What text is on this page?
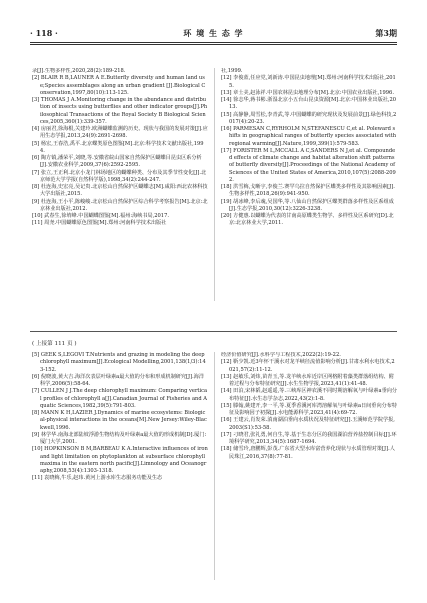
· 118 ·	环 境 生 态 学	第3期

录[J].生物多样性,2020,28(2):189-218.

[2] BLAIR R B,LAUNER A E.Butterfly diversity and human land use;Species assemblages along an urban gradient [J].Biological Conservation,1997,80(10):113-125.

[3] THOMAS J A.Monitoring change in the abundance and distribution of insects using butterflies and other indicator groups[J].Philosophical Transactions of the Royal Society B Biological Sciences,2005,360(1):339-357.

[4] 房丽君,徐海根,关建玲.欧洲蝴蝶监测的历史、现状与我国的发展对策[J].应用生态学报,2013,24(9):2691-2698.

[5] 杨宏,王春浩,禹平.北京蝶类原色图鉴[M].北京:科学技术文献出版社,1994.

[6] 陶方镇,潘荣平,刘晓,等.安徽省皖山国家自然保护区蝴蝶目昆虫区系分析[J].安徽农业科学,2009,37(6):2592-2595.

[7] 张立,王正利.北京小龙门林场地区的蝴蝶种类、分布及其季节性变化[J].北京师范大学学报(自然科学版),1998,34(2):244-247.

[8] 杜连海,史宏亮,吴记贵.北京松山自然保护区蝴蝶志[M].咸阳:西北农林科技大学出版社,2015.

[9] 杜连海,王小平,陈峻峻.北京松山自然保护区综合科学考察报告[M].北京:北京林业出版社,2012.

[10] 武春生,徐堉峰.中国蝴蝶图鉴[M].福州:海峡书局,2017.

[11] 周尧.中国蝴蝶原色图鉴[M].郑州:河南科学技术出版社

社,1999.

[12] 李俊蓝,任应党,刘新涛.中国昆虫地理[M].郑州:河南科学技术出版社,2015.

[13] 章士美,赵泳祥.中国农林昆虫地理分布[M].北京:中国农业出版社,1996.

[14] 徐志华,蒋书彬.浙湿北京小五台山昆虫资源[M].北京:中国林业出版社,2013.

[15] 高静静,周雪松,李青武,等.中国蝴蝶的研究现状及发展前景[J].绿色科技,2017(4):20-23.

[16] PARMESAN C,RYRHOLM N,STEFANESCU C,et al. Poleward shifts in geographical ranges of butterfly species associated with regional warming[J].Nature,1999,399(1):579-583.

[17] FORISTER M L,MCCALL A C,SANDERS N J,et al. Compounded effects of climate change and habitat alteration shift patterns of butterfly diversity[J].Proceedings of the National Academy of Sciences of the United States of America,2010,107(5):2088-2092.

[18] 洪雪梅,戈晰宇,李俊兰.赛罕乌拉自然保护区蝶类多样性及其影响因素[J].生物多样性,2018,26(9):941-950.

[19] 胡冰峰,李后魂,吴国华,等.八仙山自然保护区蝶类群落多样性及区系组成[J].生态学报,2010,30(12):3226-3238.

[20] 方健惠.以蝴蝶为代表的甘南高原蝶类生物学、多样性及区系研究[D].北京:北京林业大学,2011.

( 上接第 111 页 )

[5] GEEK S,LEGOVI T.Nutrients and grazing in modeling the deep chlorophyll maximum[J].Ecological Modelling,2001,138(1/3):143-152.

[6] 倪晓波,黄大吉.海洋次表层叶绿素a最大值的分布和形成机制研究[J].海洋科学,2006(5):58-64.

[7] CULLEN J J.The deep chlorophyll maximum: Comparing vertical profiles of chlorophyll a[J].Canadian Journal of Fisheries and Aquatic Sciences,1982,39(5):791-803.

[8] MANN K H,LAZIER J.Dynamics of marine ecosystems: Biological-physical interactions in the oceans[M].New Jersey:Wiley-Blackwell,1996.

[9] 林学华.南海北部陆坡浮游生物结构及叶绿素a最大值的形成机制[D].厦门:厦门大学,2001.

[10] HOPKINSON B M,BARBEAU K A.Interactive influences of iron and light limitation on phytoplankton at subsurface chlorophyll maxima in the eastern north pacific[J].Limnology and Oceanography,2008,53(4):1303-1318.

[11] 袁晓梅,牛乐,赵玮.黄河上游水库生态服务功能及生态

经济价值研究[J].水科学与工程技术,2022(2):19-22.

[12] 靳少凯.近3年怀干溪水对龙羊峡径流值影响分析[J].甘肃水利水电技术,2021,57(2):11-12.

[13] 赵敏乐,刘炜,苗青玉,等.龙羊峡水库近岸区网格附着藻类群落组结构、附着过程与分布特征研究[J].水生生物学报,2023,41(1):41-48.

[14] 田泊,宋林韬,赵遥遥,等.三峡库区神农溪不同时期溶解氧与叶绿素a垂向分布特征[J].水生态学杂志,2022,43(2):1-8.

[15] 滕翰,姚建开,李一平,等.夏季香溪河库湾溶解氧与叶绿素a日间垂向分布特征及影响因子初探[J].水电能源科学,2023,41(4):69-72.

[16] 王建云,肖发荣.滇南湖泊垂向水质状况及特征研究[J].玉溪师范学院学报,2003(S1):53-58.

[17] 刁晓君,张礼勇,何自生,等.基于生态分区的我国湖泊营养盐控制目标[J].环境科学研究,2013,34(5):1687-1694.

[18] 储雪玲,唐鹏辉,彭茂.广东省大型水库富营养化现状与水质管理对策[J].人民珠江,2016,37(8):77-81.
